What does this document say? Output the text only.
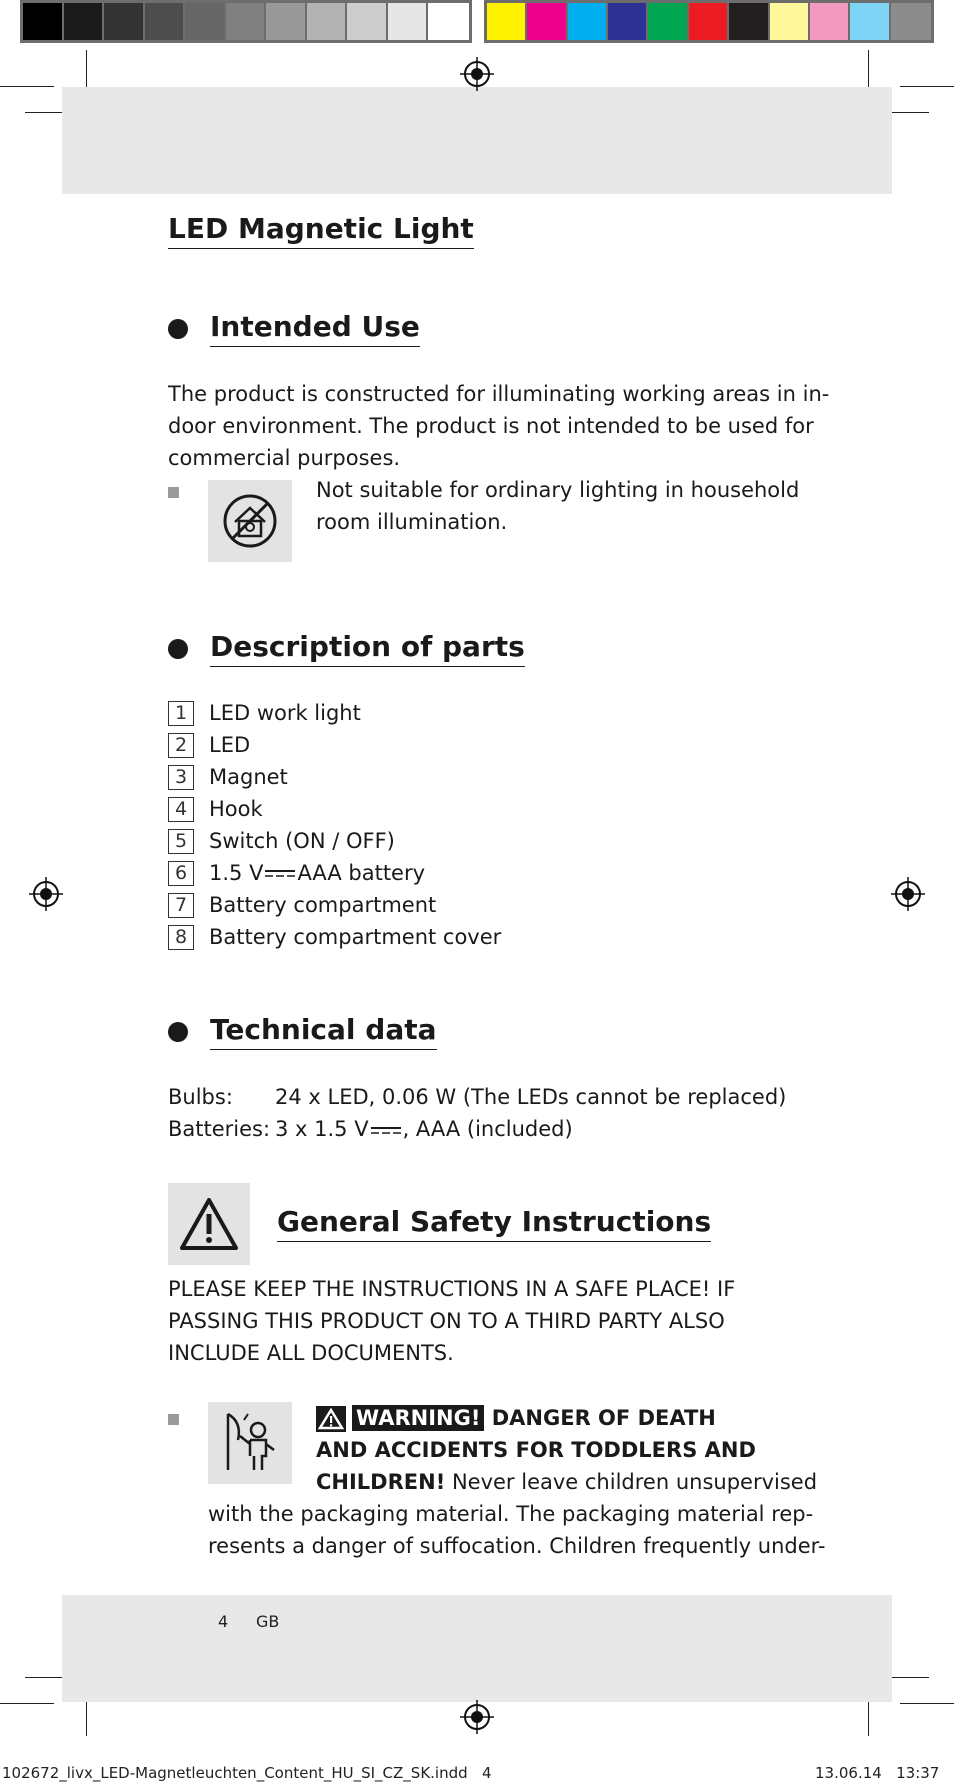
LED Magnetic Light
Intended Use
The product is constructed for illuminating working areas in in-
door environment. The product is not intended to be used for
commercial purposes.
Not suitable for ordinary lighting in household
room illumination.
Description of parts
1	LED work light
2	LED
3	Magnet
4	Hook
5	Switch (ON / OFF)
6	1.5 V AAA battery
7	Battery compartment
8	Battery compartment cover
Technical data
Bulbs: 24 x LED, 0.06 W (The LEDs cannot be replaced)
Batteries: 3 x 1.5 V , AAA (included)
General Safety Instructions
PLEASE KEEP THE INSTRUCTIONS IN A SAFE PLACE! IF
PASSING THIS PRODUCT ON TO A THIRD PARTY ALSO
INCLUDE ALL DOCUMENTS.
WARNING! DANGER OF DEATH
AND ACCIDENTS FOR TODDLERS AND
CHILDREN! Never leave children unsupervised
with the packaging material. The packaging material rep-
resents a danger of suffocation. Children frequently under-
4 GB
102672_livx_LED-Magnetleuchten_Content_HU_SI_CZ_SK.indd   4	13.06.14   13:37
